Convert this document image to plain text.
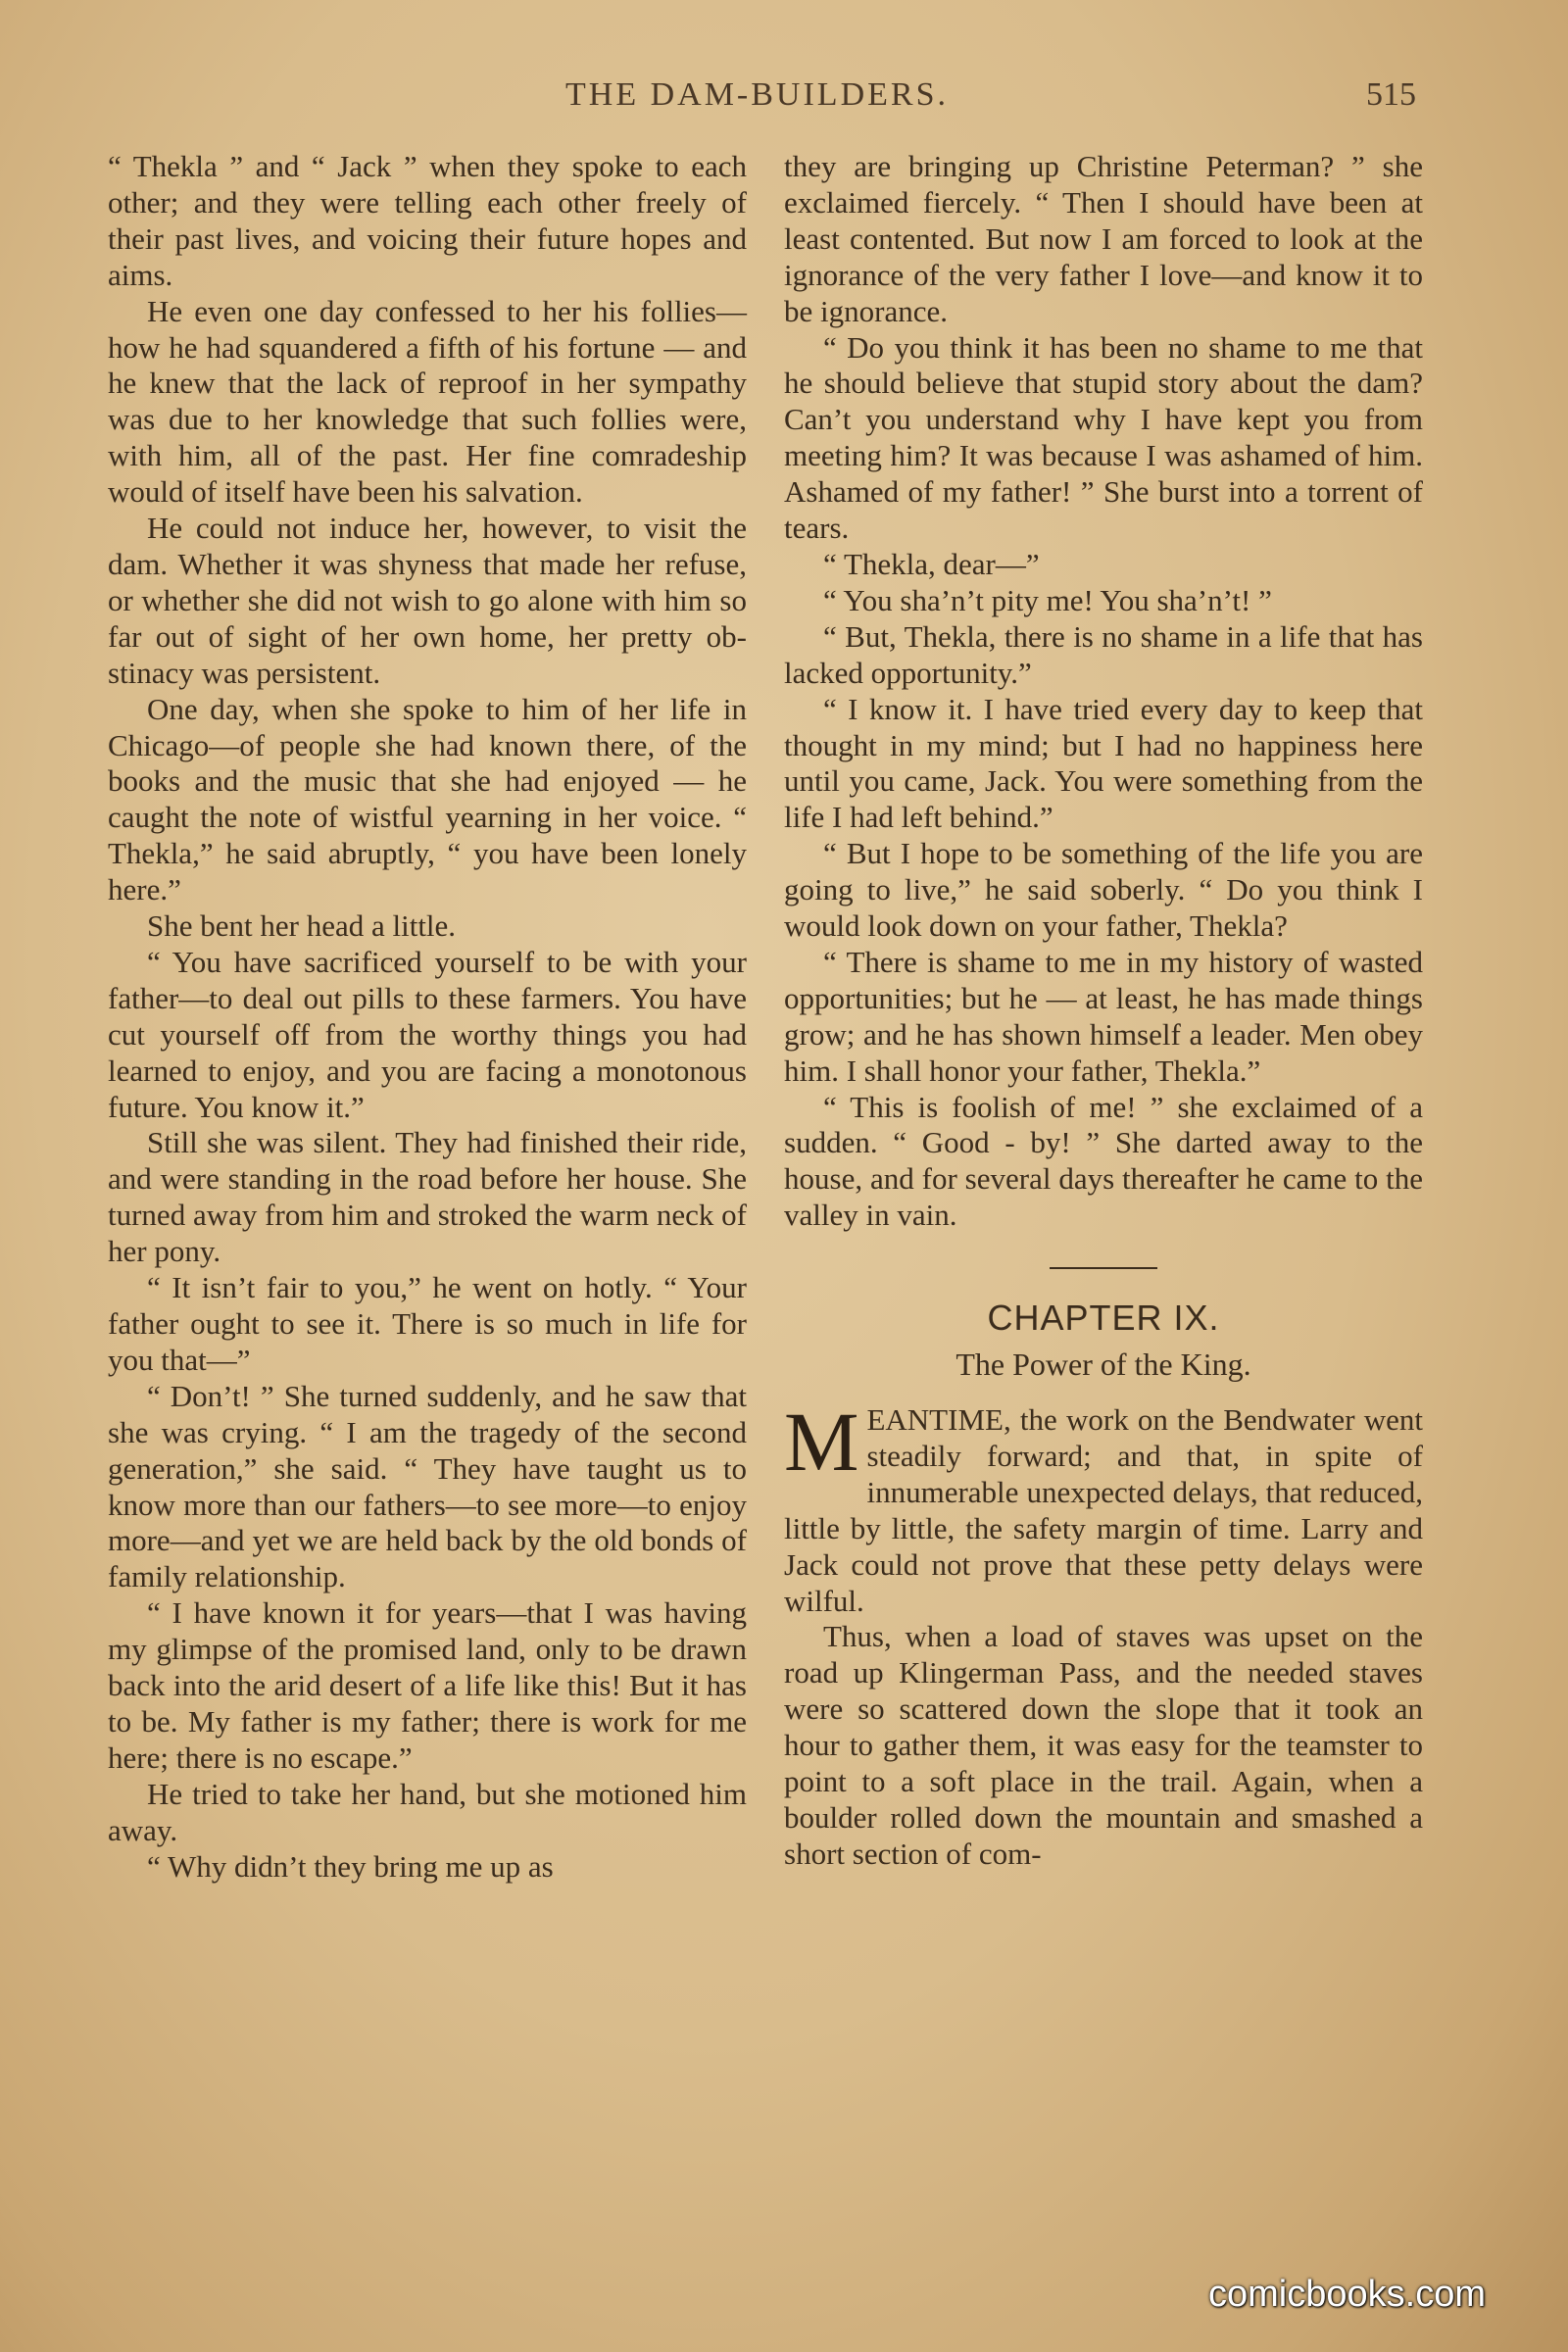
THE DAM-BUILDERS.	515

“ Thekla ” and “ Jack ” when they spoke to each other; and they were telling each other freely of their past lives, and voicing their future hopes and aims.

He even one day confessed to her his follies—how he had squandered a fifth of his fortune — and he knew that the lack of reproof in her sympathy was due to her knowledge that such follies were, with him, all of the past. Her fine comradeship would of itself have been his salvation.

He could not induce her, however, to visit the dam. Whether it was shyness that made her refuse, or whether she did not wish to go alone with him so far out of sight of her own home, her pretty obstinacy was persistent.

One day, when she spoke to him of her life in Chicago—of people she had known there, of the books and the music that she had enjoyed — he caught the note of wistful yearning in her voice. “ Thekla,” he said abruptly, “ you have been lonely here.”

She bent her head a little.

“ You have sacrificed yourself to be with your father—to deal out pills to these farmers. You have cut yourself off from the worthy things you had learned to enjoy, and you are facing a monotonous future. You know it.”

Still she was silent. They had finished their ride, and were standing in the road before her house. She turned away from him and stroked the warm neck of her pony.

“ It isn’t fair to you,” he went on hotly. “ Your father ought to see it. There is so much in life for you that—”

“ Don’t! ” She turned suddenly, and he saw that she was crying. “ I am the tragedy of the second generation,” she said. “ They have taught us to know more than our fathers—to see more—to enjoy more—and yet we are held back by the old bonds of family relationship.

“ I have known it for years—that I was having my glimpse of the promised land, only to be drawn back into the arid desert of a life like this! But it has to be. My father is my father; there is work for me here; there is no escape.”

He tried to take her hand, but she motioned him away.

“ Why didn’t they bring me up as

they are bringing up Christine Peterman? ” she exclaimed fiercely. “ Then I should have been at least contented. But now I am forced to look at the ignorance of the very father I love—and know it to be ignorance.

“ Do you think it has been no shame to me that he should believe that stupid story about the dam? Can’t you understand why I have kept you from meeting him? It was because I was ashamed of him. Ashamed of my father! ” She burst into a torrent of tears.

“ Thekla, dear—”

“ You sha’n’t pity me! You sha’n’t! ”

“ But, Thekla, there is no shame in a life that has lacked opportunity.”

“ I know it. I have tried every day to keep that thought in my mind; but I had no happiness here until you came, Jack. You were something from the life I had left behind.”

“ But I hope to be something of the life you are going to live,” he said soberly. “ Do you think I would look down on your father, Thekla?

“ There is shame to me in my history of wasted opportunities; but he — at least, he has made things grow; and he has shown himself a leader. Men obey him. I shall honor your father, Thekla.”

“ This is foolish of me! ” she exclaimed of a sudden. “ Good - by! ” She darted away to the house, and for several days thereafter he came to the valley in vain.

CHAPTER IX.
The Power of the King.

MEANTIME, the work on the Bendwater went steadily forward; and that, in spite of innumerable unexpected delays, that reduced, little by little, the safety margin of time. Larry and Jack could not prove that these petty delays were wilful.

Thus, when a load of staves was upset on the road up Klingerman Pass, and the needed staves were so scattered down the slope that it took an hour to gather them, it was easy for the teamster to point to a soft place in the trail. Again, when a boulder rolled down the mountain and smashed a short section of com-

comicbooks.com
